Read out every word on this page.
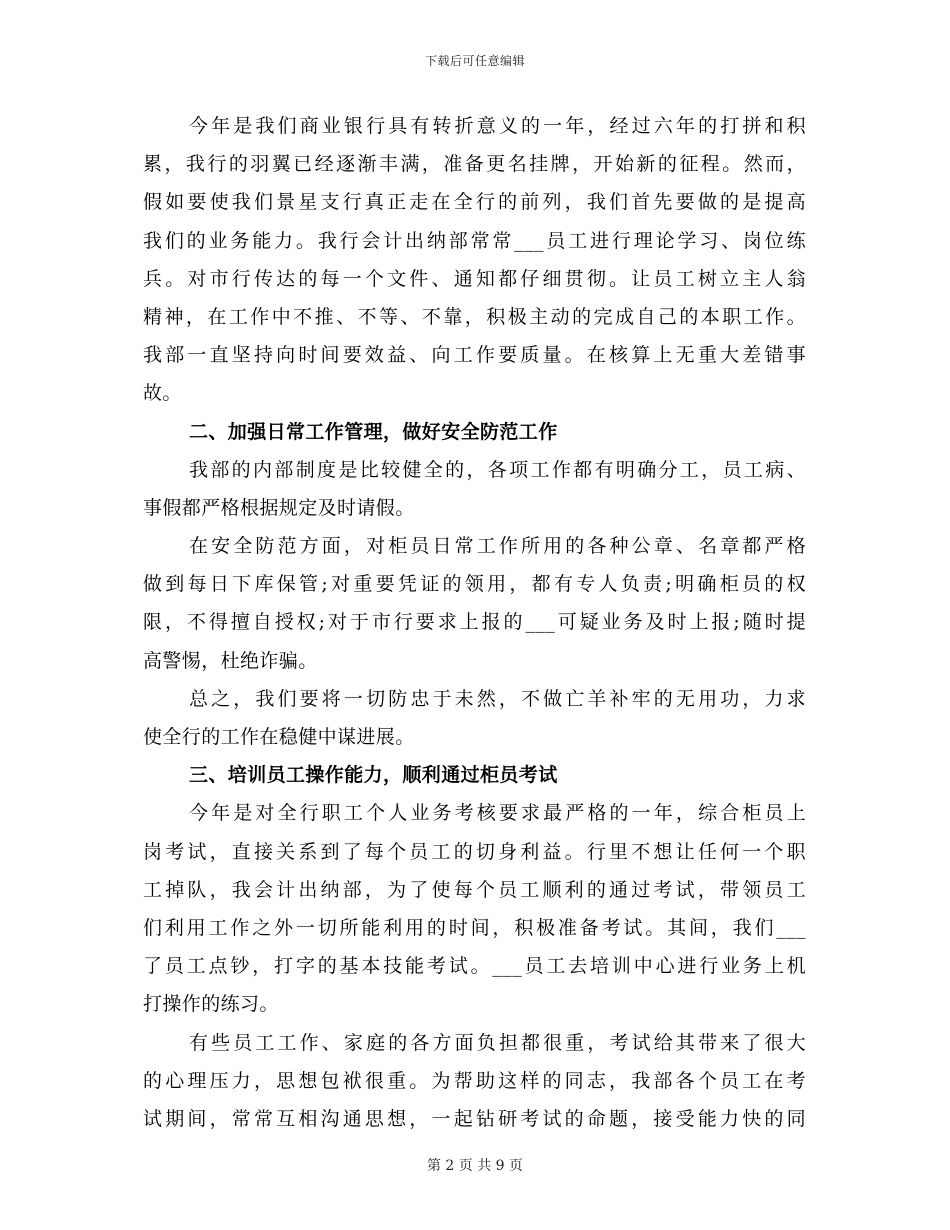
下载后可任意编辑
今年是我们商业银行具有转折意义的一年，经过六年的打拼和积
累，我行的羽翼已经逐渐丰满，准备更名挂牌，开始新的征程。然而，
假如要使我们景星支行真正走在全行的前列，我们首先要做的是提高
我们的业务能力。我行会计出纳部常常___员工进行理论学习、岗位练
兵。对市行传达的每一个文件、通知都仔细贯彻。让员工树立主人翁
精神，在工作中不推、不等、不靠，积极主动的完成自己的本职工作。
我部一直坚持向时间要效益、向工作要质量。在核算上无重大差错事
故。
二、加强日常工作管理，做好安全防范工作
我部的内部制度是比较健全的，各项工作都有明确分工，员工病、
事假都严格根据规定及时请假。
在安全防范方面，对柜员日常工作所用的各种公章、名章都严格
做到每日下库保管;对重要凭证的领用，都有专人负责;明确柜员的权
限，不得擅自授权;对于市行要求上报的___可疑业务及时上报;随时提
高警惕，杜绝诈骗。
总之，我们要将一切防忠于未然，不做亡羊补牢的无用功，力求
使全行的工作在稳健中谋进展。
三、培训员工操作能力，顺利通过柜员考试
今年是对全行职工个人业务考核要求最严格的一年，综合柜员上
岗考试，直接关系到了每个员工的切身利益。行里不想让任何一个职
工掉队，我会计出纳部，为了使每个员工顺利的通过考试，带领员工
们利用工作之外一切所能利用的时间，积极准备考试。其间，我们___
了员工点钞，打字的基本技能考试。___员工去培训中心进行业务上机
打操作的练习。
有些员工工作、家庭的各方面负担都很重，考试给其带来了很大
的心理压力，思想包袱很重。为帮助这样的同志，我部各个员工在考
试期间，常常互相沟通思想，一起钻研考试的命题，接受能力快的同
第 2 页 共 9 页
